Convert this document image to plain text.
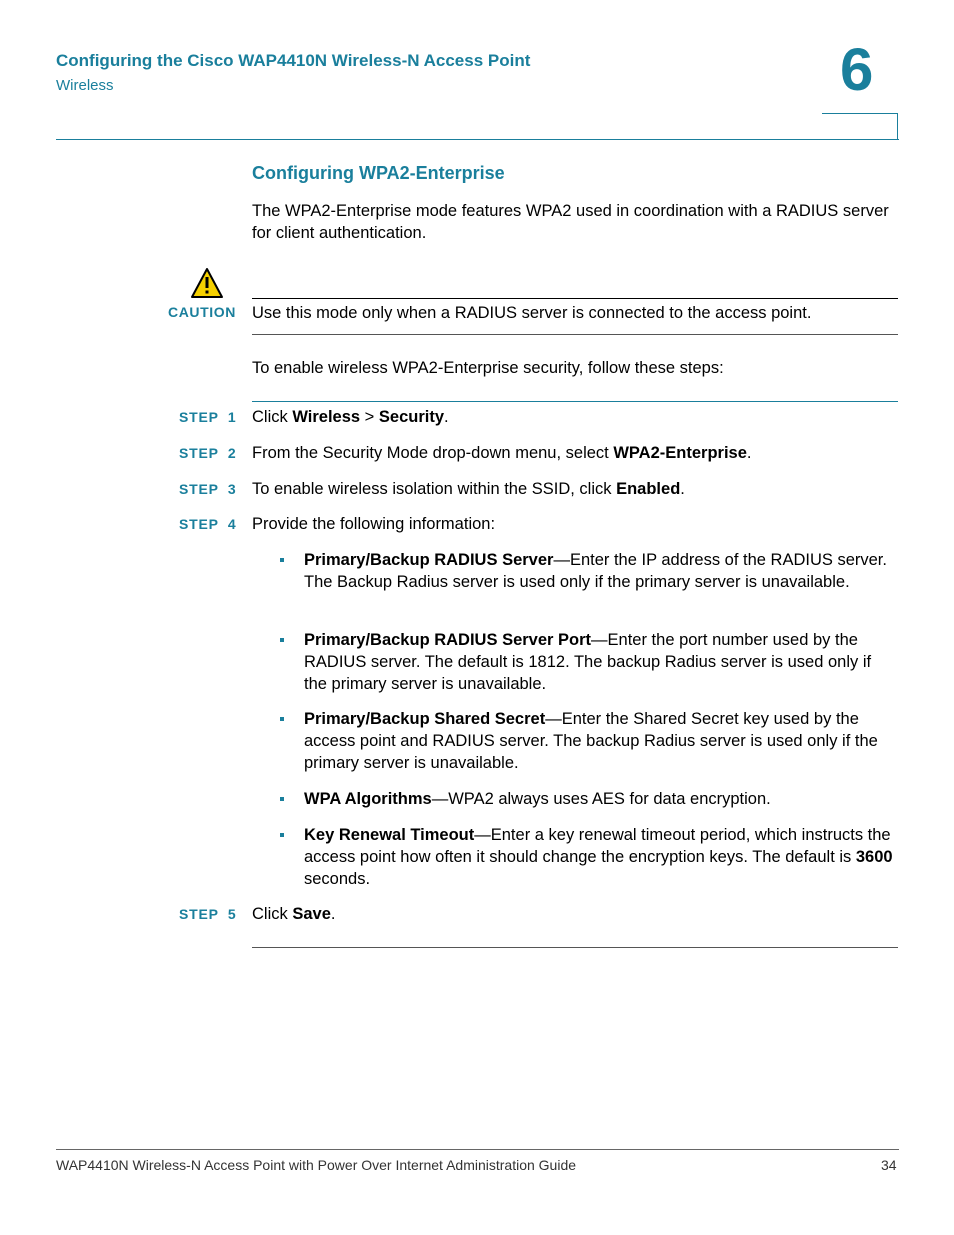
Configuring the Cisco WAP4410N Wireless-N Access Point
Wireless	6
Configuring WPA2-Enterprise
The WPA2-Enterprise mode features WPA2 used in coordination with a RADIUS server for client authentication.
CAUTION Use this mode only when a RADIUS server is connected to the access point.
To enable wireless WPA2-Enterprise security, follow these steps:
STEP  1 Click Wireless > Security.
STEP  2 From the Security Mode drop-down menu, select WPA2-Enterprise.
STEP  3 To enable wireless isolation within the SSID, click Enabled.
STEP  4 Provide the following information:
Primary/Backup RADIUS Server—Enter the IP address of the RADIUS server. The Backup Radius server is used only if the primary server is unavailable.
Primary/Backup RADIUS Server Port—Enter the port number used by the RADIUS server. The default is 1812. The backup Radius server is used only if the primary server is unavailable.
Primary/Backup Shared Secret—Enter the Shared Secret key used by the access point and RADIUS server. The backup Radius server is used only if the primary server is unavailable.
WPA Algorithms—WPA2 always uses AES for data encryption.
Key Renewal Timeout—Enter a key renewal timeout period, which instructs the access point how often it should change the encryption keys. The default is 3600 seconds.
STEP  5 Click Save.
WAP4410N Wireless-N Access Point with Power Over Internet Administration Guide	34
